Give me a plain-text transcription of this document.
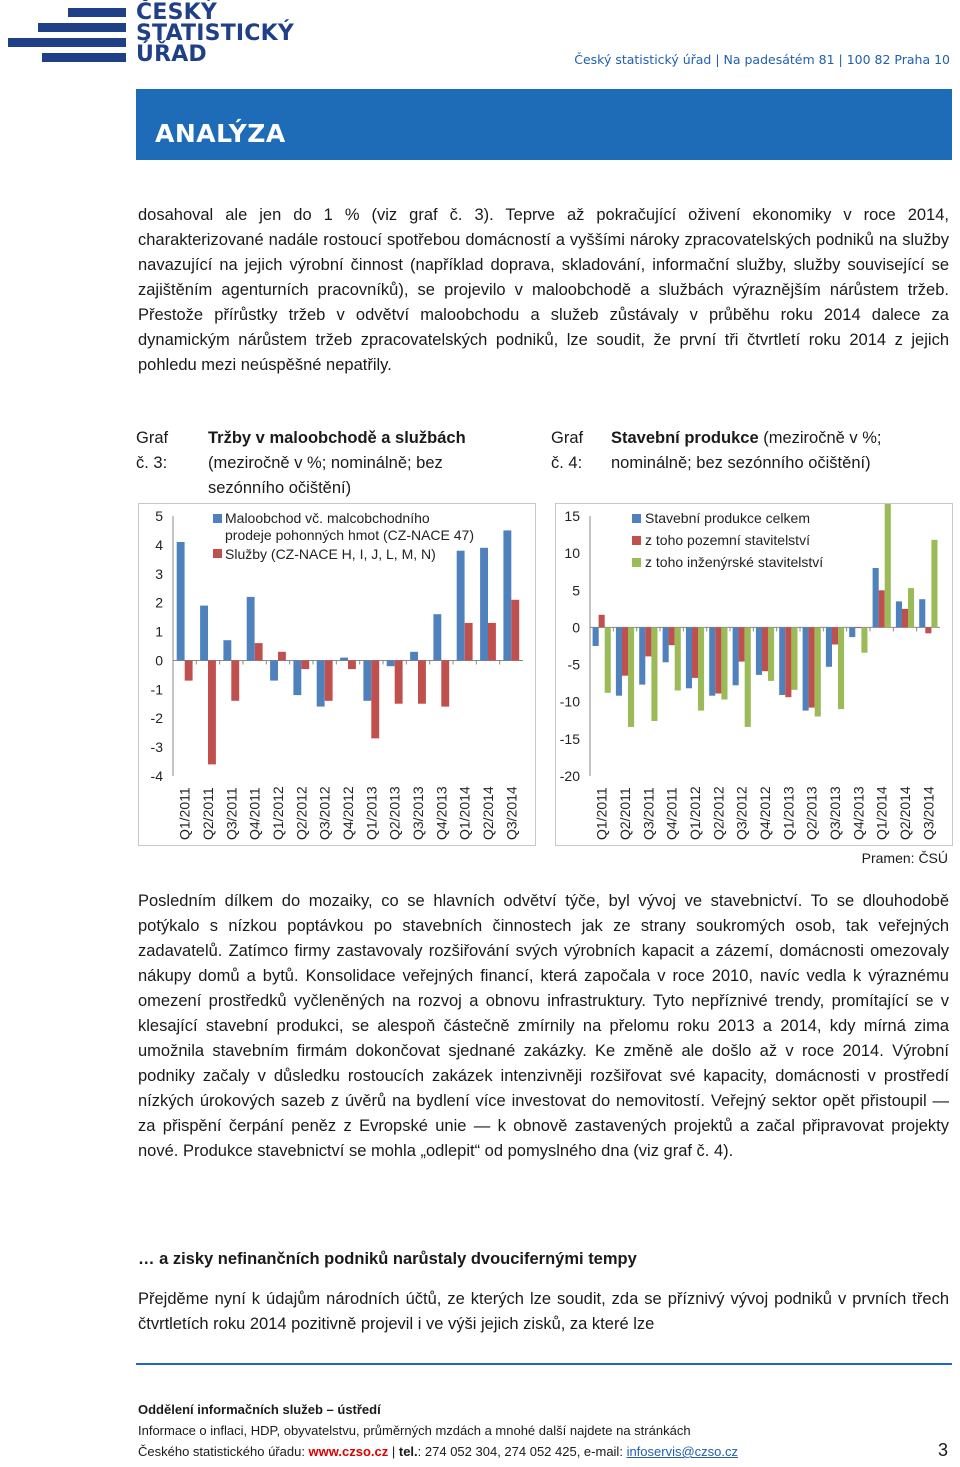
ČESKÝ
STATISTICKÝ
ÚŘAD	Český statistický úřad | Na padesátém 81 | 100 82 Praha 10
ANALÝZA

dosahoval ale jen do 1 % (viz graf č. 3). Teprve až pokračující oživení ekonomiky v roce 2014, charakterizované nadále rostoucí spotřebou domácností a vyššími nároky zpracovatelských podniků na služby navazující na jejich výrobní činnost (například doprava, skladování, informační služby, služby související se zajištěním agenturních pracovníků), se projevilo v maloobchodě a službách výraznějším nárůstem tržeb. Přestože přírůstky tržeb v odvětví maloobchodu a služeb zůstávaly v průběhu roku 2014 dalece za dynamickým nárůstem tržeb zpracovatelských podniků, lze soudit, že první tři čtvrtletí roku 2014 z jejich pohledu mezi neúspěšné nepatřily.

Graf
č. 3:
Tržby v maloobchodě a službách
(meziročně v %; nominálně; bez sezónního očištění)
Graf
č. 4:
Stavební produkce (meziročně v %; nominálně; bez sezónního očištění)
5
4
3
2
1
0
-1
-2
-3
-4
Q1/2011 Q2/2011 Q3/2011 Q4/2011 Q1/2012 Q2/2012 Q3/2012 Q4/2012 Q1/2013 Q2/2013 Q3/2013 Q4/2013 Q1/2014 Q2/2014 Q3/2014
Maloobchod vč. malcobchodního prodeje pohonných hmot (CZ-NACE 47)
Služby (CZ-NACE H, I, J, L, M, N)
15
10
5
0
-5
-10
-15
-20
Q1/2011 Q2/2011 Q3/2011 Q4/2011 Q1/2012 Q2/2012 Q3/2012 Q4/2012 Q1/2013 Q2/2013 Q3/2013 Q4/2013 Q1/2014 Q2/2014 Q3/2014
Stavební produkce celkem
z toho pozemní stavitelství
z toho inženýrské stavitelství
Pramen: ČSÚ

Posledním dílkem do mozaiky, co se hlavních odvětví týče, byl vývoj ve stavebnictví. To se dlouhodobě potýkalo s nízkou poptávkou po stavebních činnostech jak ze strany soukromých osob, tak veřejných zadavatelů. Zatímco firmy zastavovaly rozšiřování svých výrobních kapacit a zázemí, domácnosti omezovaly nákupy domů a bytů. Konsolidace veřejných financí, která započala v roce 2010, navíc vedla k výraznému omezení prostředků vyčleněných na rozvoj a obnovu infrastruktury. Tyto nepříznivé trendy, promítající se v klesající stavební produkci, se alespoň částečně zmírnily na přelomu roku 2013 a 2014, kdy mírná zima umožnila stavebním firmám dokončovat sjednané zakázky. Ke změně ale došlo až v roce 2014. Výrobní podniky začaly v důsledku rostoucích zakázek intenzivněji rozšiřovat své kapacity, domácnosti v prostředí nízkých úrokových sazeb z úvěrů na bydlení více investovat do nemovitostí. Veřejný sektor opět přistoupil — za přispění čerpání peněz z Evropské unie — k obnově zastavených projektů a začal připravovat projekty nové. Produkce stavebnictví se mohla „odlepit“ od pomyslného dna (viz graf č. 4).

… a zisky nefinančních podniků narůstaly dvoucifernými tempy

Přejděme nyní k údajům národních účtů, ze kterých lze soudit, zda se příznivý vývoj podniků v prvních třech čtvrtletích roku 2014 pozitivně projevil i ve výši jejich zisků, za které lze

Oddělení informačních služeb – ústředí
Informace o inflaci, HDP, obyvatelstvu, průměrných mzdách a mnohé další najdete na stránkách
Českého statistického úřadu: www.czso.cz | tel.: 274 052 304, 274 052 425, e-mail: infoservis@czso.cz	3
